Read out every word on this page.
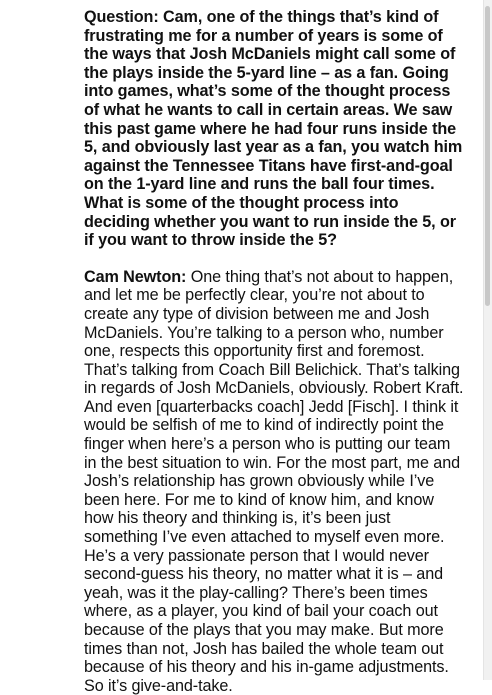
Question: Cam, one of the things that’s kind of frustrating me for a number of years is some of the ways that Josh McDaniels might call some of the plays inside the 5-yard line – as a fan. Going into games, what’s some of the thought process of what he wants to call in certain areas. We saw this past game where he had four runs inside the 5, and obviously last year as a fan, you watch him against the Tennessee Titans have first-and-goal on the 1-yard line and runs the ball four times. What is some of the thought process into deciding whether you want to run inside the 5, or if you want to throw inside the 5?

Cam Newton: One thing that’s not about to happen, and let me be perfectly clear, you’re not about to create any type of division between me and Josh McDaniels. You’re talking to a person who, number one, respects this opportunity first and foremost. That’s talking from Coach Bill Belichick. That’s talking in regards of Josh McDaniels, obviously. Robert Kraft. And even [quarterbacks coach] Jedd [Fisch]. I think it would be selfish of me to kind of indirectly point the finger when here’s a person who is putting our team in the best situation to win. For the most part, me and Josh’s relationship has grown obviously while I’ve been here. For me to kind of know him, and know how his theory and thinking is, it’s been just something I’ve even attached to myself even more. He’s a very passionate person that I would never second-guess his theory, no matter what it is – and yeah, was it the play-calling? There’s been times where, as a player, you kind of bail your coach out because of the plays that you may make. But more times than not, Josh has bailed the whole team out because of his theory and his in-game adjustments. So it’s give-and-take.
